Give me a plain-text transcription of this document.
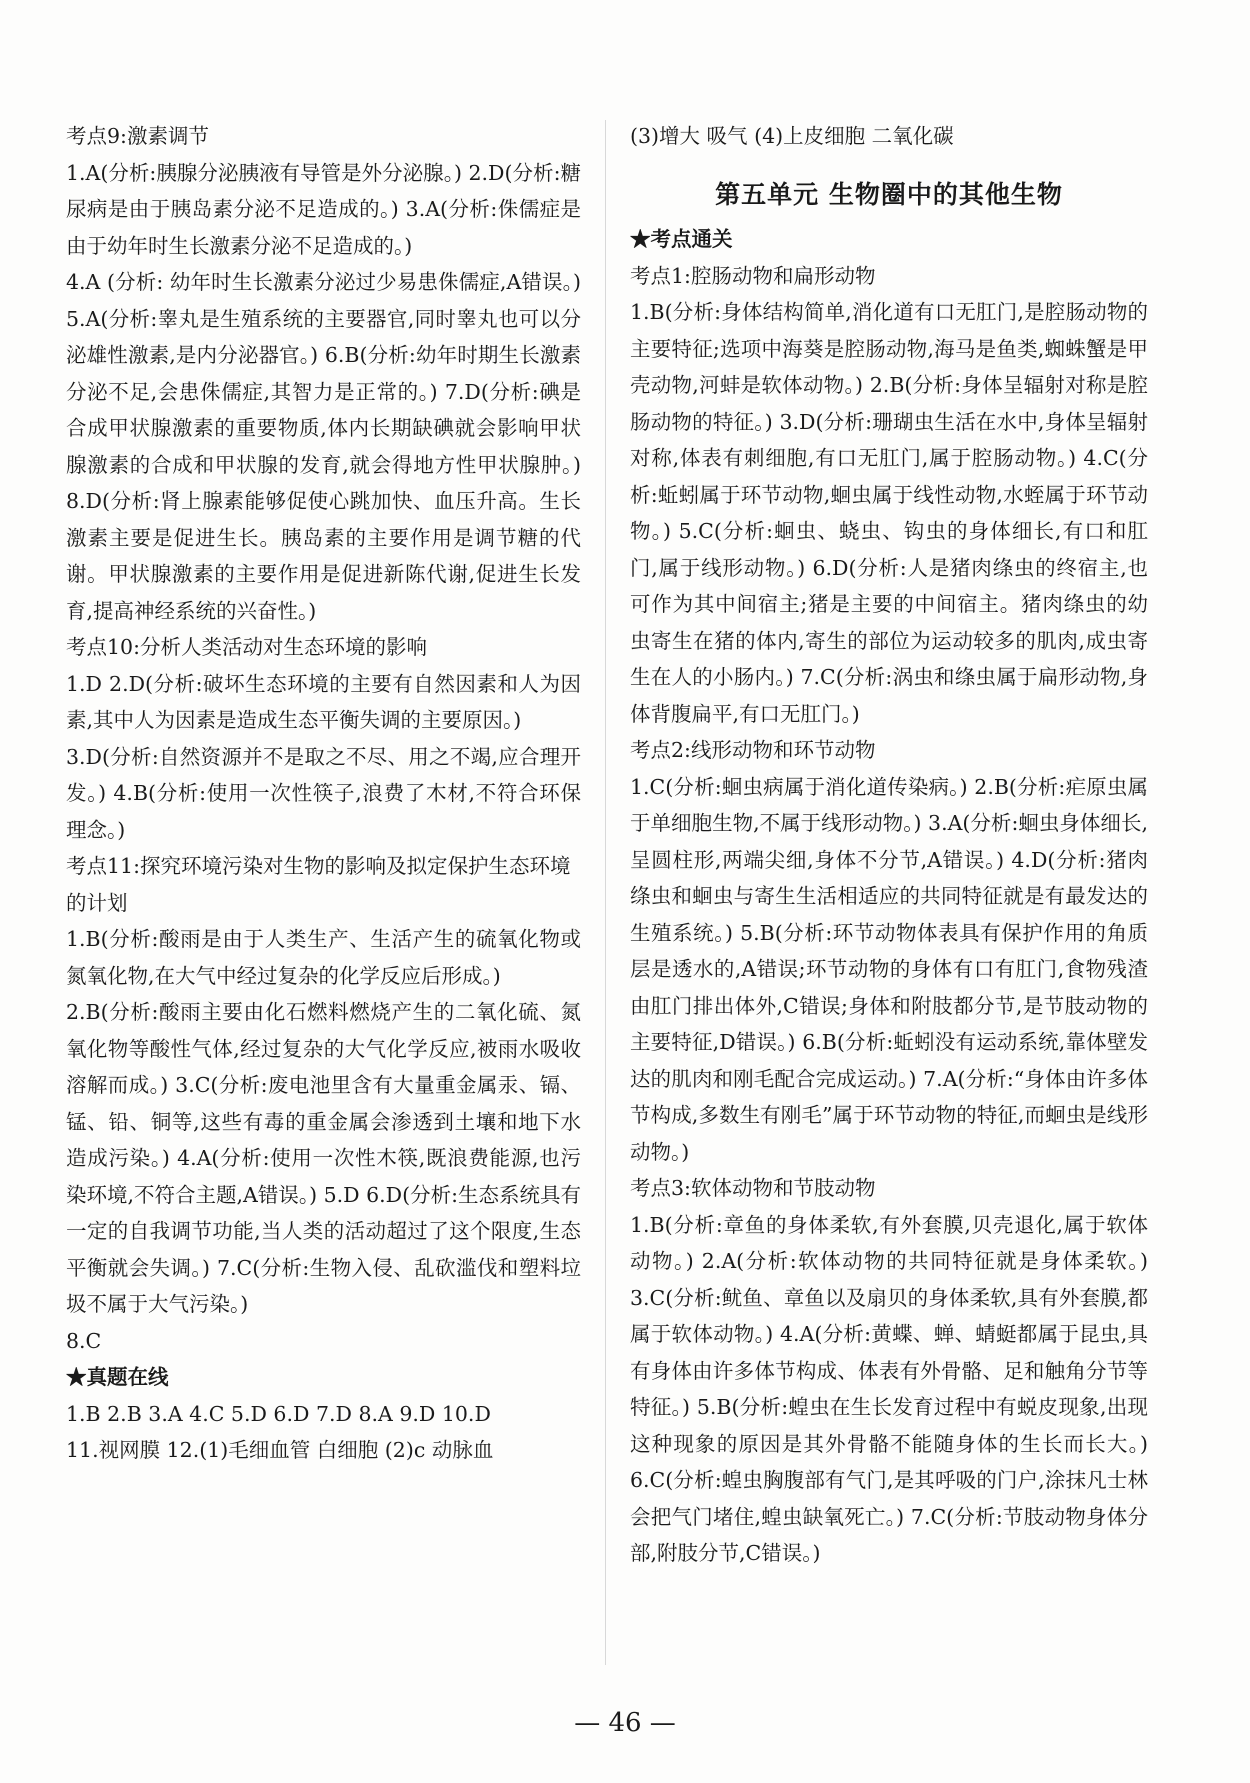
考点9:激素调节

1.A(分析:胰腺分泌胰液有导管是外分泌腺。) 2.D(分析:糖尿病是由于胰岛素分泌不足造成的。) 3.A(分析:侏儒症是由于幼年时生长激素分泌不足造成的。)

4.A (分析: 幼年时生长激素分泌过少易患侏儒症,A错误。) 5.A(分析:睾丸是生殖系统的主要器官,同时睾丸也可以分泌雄性激素,是内分泌器官。) 6.B(分析:幼年时期生长激素分泌不足,会患侏儒症,其智力是正常的。) 7.D(分析:碘是合成甲状腺激素的重要物质,体内长期缺碘就会影响甲状腺激素的合成和甲状腺的发育,就会得地方性甲状腺肿。) 8.D(分析:肾上腺素能够促使心跳加快、血压升高。生长激素主要是促进生长。胰岛素的主要作用是调节糖的代谢。甲状腺激素的主要作用是促进新陈代谢,促进生长发育,提高神经系统的兴奋性。)

考点10:分析人类活动对生态环境的影响

1.D 2.D(分析:破坏生态环境的主要有自然因素和人为因素,其中人为因素是造成生态平衡失调的主要原因。)

3.D(分析:自然资源并不是取之不尽、用之不竭,应合理开发。) 4.B(分析:使用一次性筷子,浪费了木材,不符合环保理念。)

考点11:探究环境污染对生物的影响及拟定保护生态环境的计划

1.B(分析:酸雨是由于人类生产、生活产生的硫氧化物或氮氧化物,在大气中经过复杂的化学反应后形成。)

2.B(分析:酸雨主要由化石燃料燃烧产生的二氧化硫、氮氧化物等酸性气体,经过复杂的大气化学反应,被雨水吸收溶解而成。) 3.C(分析:废电池里含有大量重金属汞、镉、锰、铅、铜等,这些有毒的重金属会渗透到土壤和地下水造成污染。) 4.A(分析:使用一次性木筷,既浪费能源,也污染环境,不符合主题,A错误。) 5.D 6.D(分析:生态系统具有一定的自我调节功能,当人类的活动超过了这个限度,生态平衡就会失调。) 7.C(分析:生物入侵、乱砍滥伐和塑料垃圾不属于大气污染。)

8.C

★真题在线

1.B 2.B 3.A 4.C 5.D 6.D 7.D 8.A 9.D 10.D

11.视网膜 12.(1)毛细血管 白细胞 (2)c 动脉血

(3)增大 吸气 (4)上皮细胞 二氧化碳

第五单元 生物圈中的其他生物

★考点通关

考点1:腔肠动物和扁形动物

1.B(分析:身体结构简单,消化道有口无肛门,是腔肠动物的主要特征;选项中海葵是腔肠动物,海马是鱼类,蜘蛛蟹是甲壳动物,河蚌是软体动物。) 2.B(分析:身体呈辐射对称是腔肠动物的特征。) 3.D(分析:珊瑚虫生活在水中,身体呈辐射对称,体表有刺细胞,有口无肛门,属于腔肠动物。) 4.C(分析:蚯蚓属于环节动物,蛔虫属于线性动物,水蛭属于环节动物。) 5.C(分析:蛔虫、蛲虫、钩虫的身体细长,有口和肛门,属于线形动物。) 6.D(分析:人是猪肉绦虫的终宿主,也可作为其中间宿主;猪是主要的中间宿主。猪肉绦虫的幼虫寄生在猪的体内,寄生的部位为运动较多的肌肉,成虫寄生在人的小肠内。) 7.C(分析:涡虫和绦虫属于扁形动物,身体背腹扁平,有口无肛门。)

考点2:线形动物和环节动物

1.C(分析:蛔虫病属于消化道传染病。) 2.B(分析:疟原虫属于单细胞生物,不属于线形动物。) 3.A(分析:蛔虫身体细长,呈圆柱形,两端尖细,身体不分节,A错误。) 4.D(分析:猪肉绦虫和蛔虫与寄生生活相适应的共同特征就是有最发达的生殖系统。) 5.B(分析:环节动物体表具有保护作用的角质层是透水的,A错误;环节动物的身体有口有肛门,食物残渣由肛门排出体外,C错误;身体和附肢都分节,是节肢动物的主要特征,D错误。) 6.B(分析:蚯蚓没有运动系统,靠体壁发达的肌肉和刚毛配合完成运动。) 7.A(分析:“身体由许多体节构成,多数生有刚毛”属于环节动物的特征,而蛔虫是线形动物。)

考点3:软体动物和节肢动物

1.B(分析:章鱼的身体柔软,有外套膜,贝壳退化,属于软体动物。) 2.A(分析:软体动物的共同特征就是身体柔软。) 3.C(分析:鱿鱼、章鱼以及扇贝的身体柔软,具有外套膜,都属于软体动物。) 4.A(分析:黄蝶、蝉、蜻蜓都属于昆虫,具有身体由许多体节构成、体表有外骨骼、足和触角分节等特征。) 5.B(分析:蝗虫在生长发育过程中有蜕皮现象,出现这种现象的原因是其外骨骼不能随身体的生长而长大。) 6.C(分析:蝗虫胸腹部有气门,是其呼吸的门户,涂抹凡士林会把气门堵住,蝗虫缺氧死亡。) 7.C(分析:节肢动物身体分部,附肢分节,C错误。)

— 46 —
